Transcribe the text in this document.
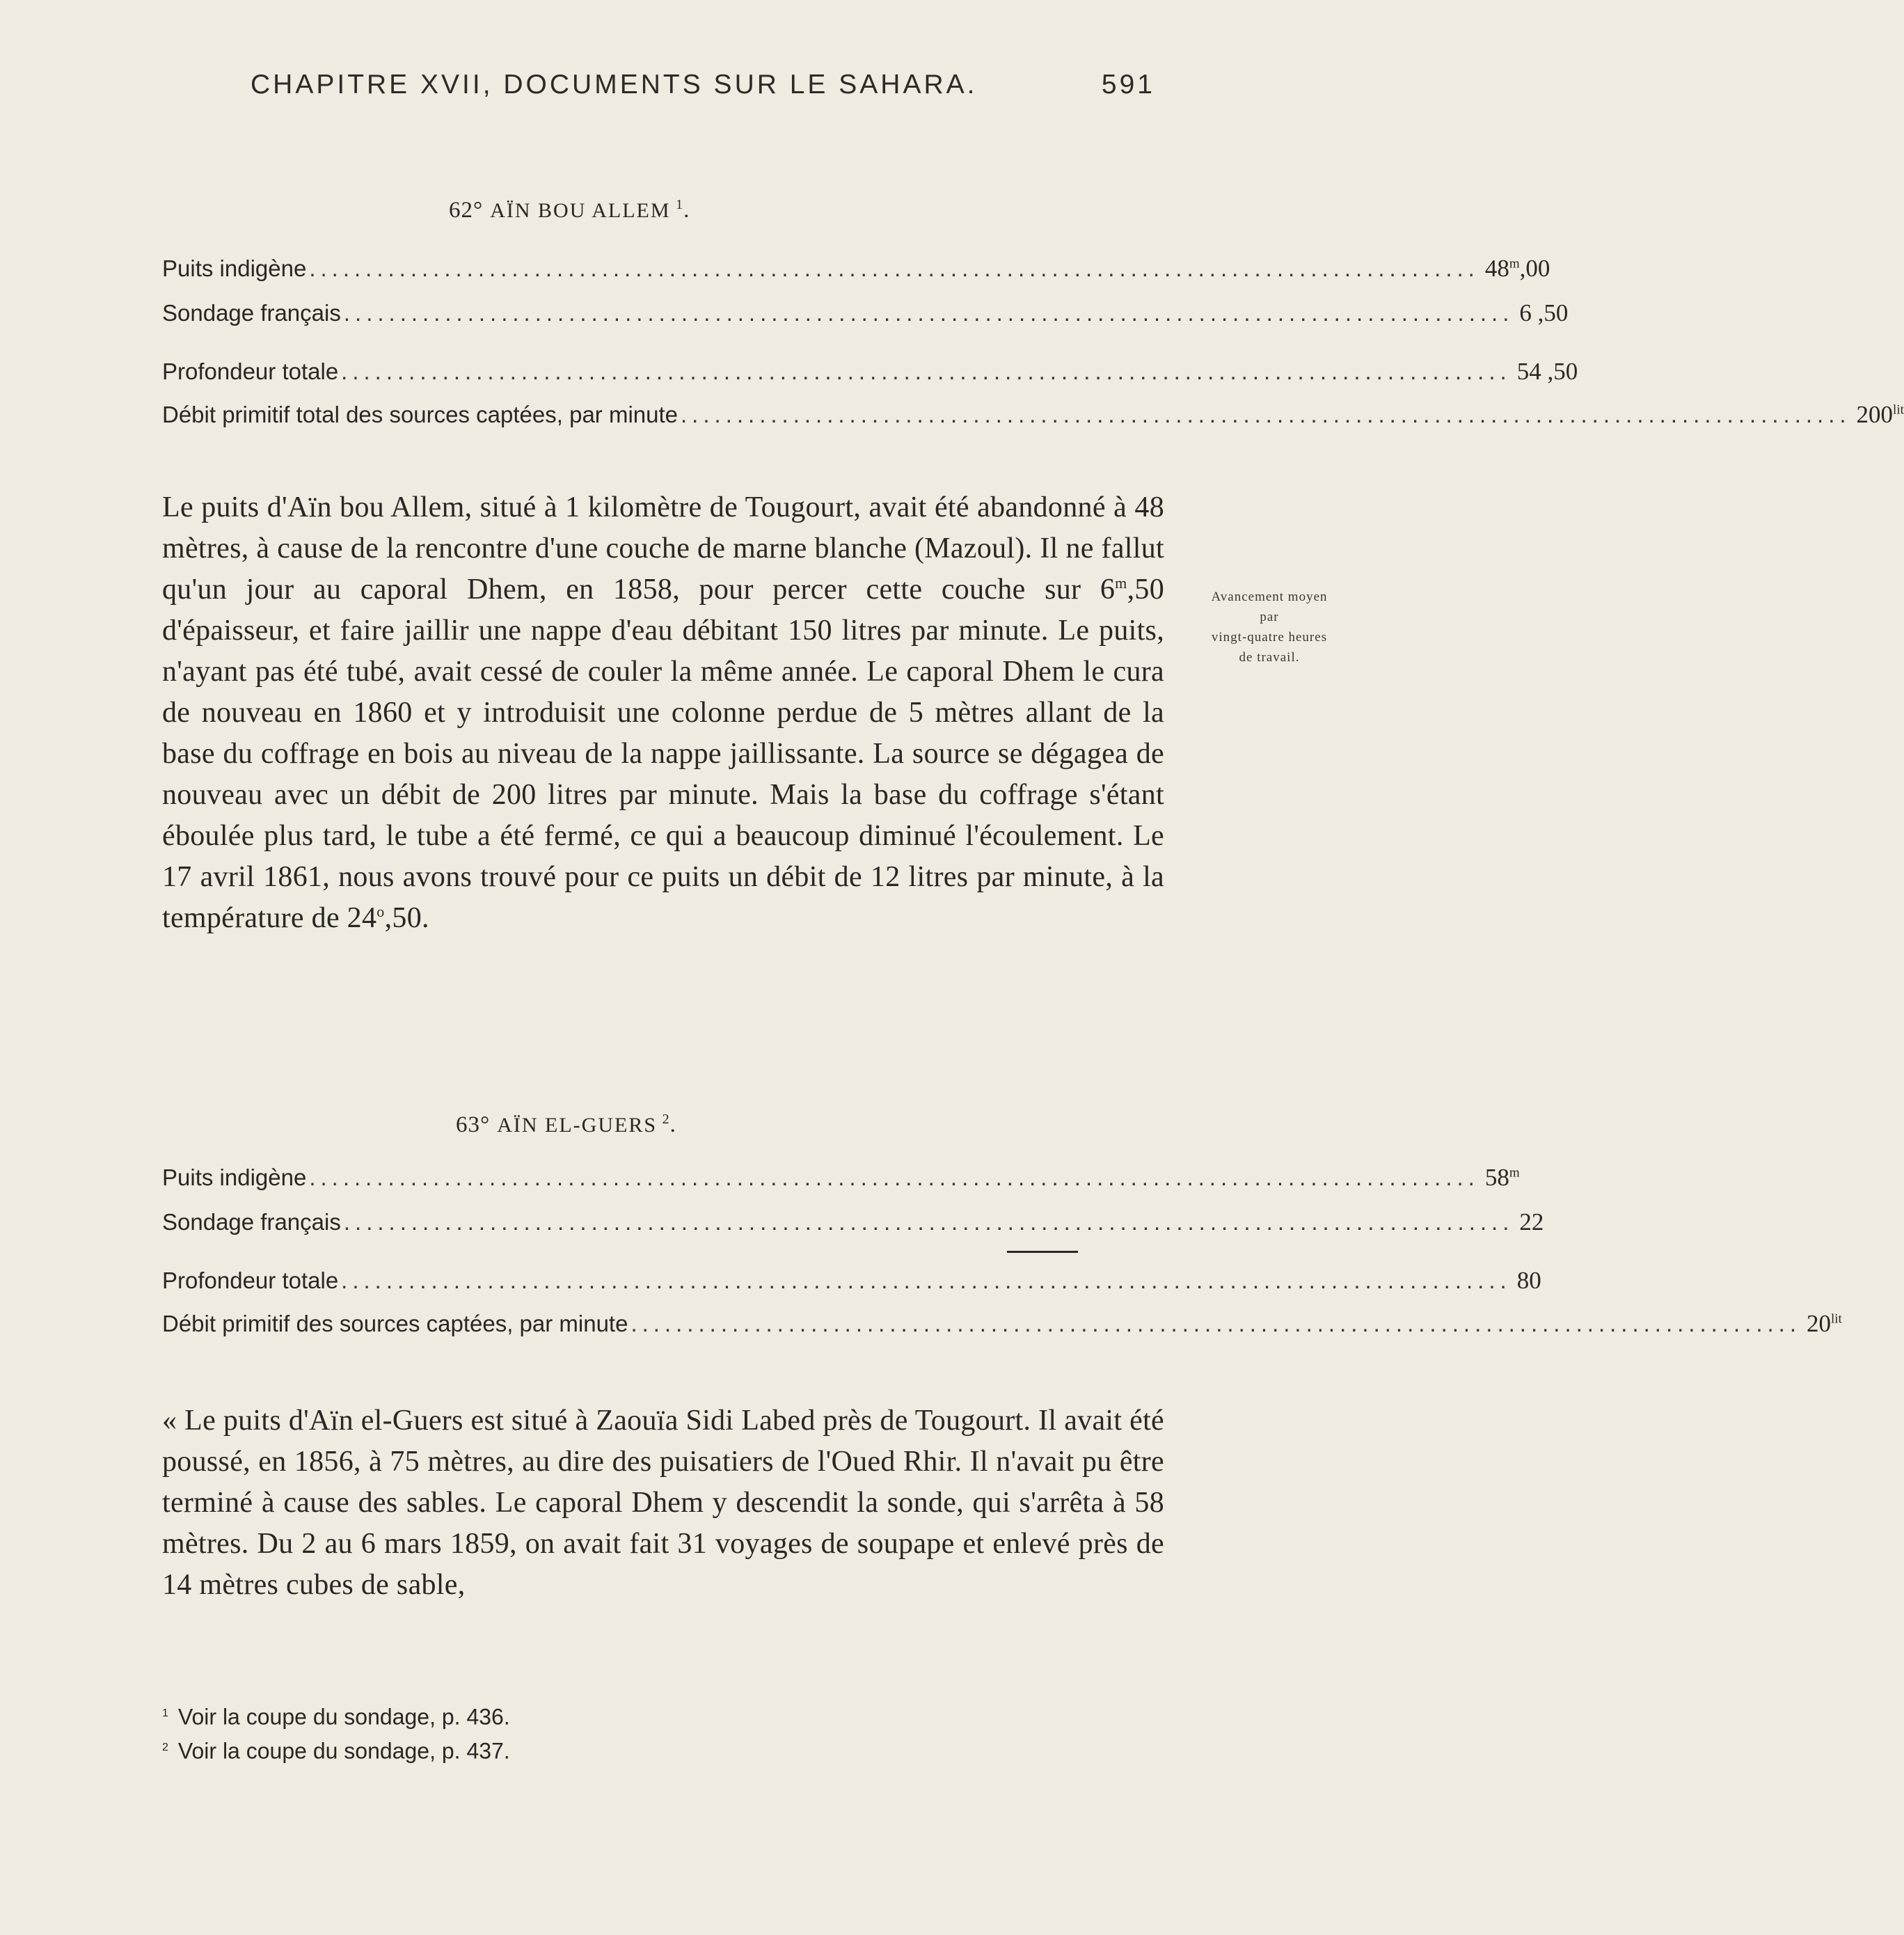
CHAPITRE XVII, DOCUMENTS SUR LE SAHARA.	591
62° AÏN BOU ALLEM  $^1$.
Puits indigène ........................................................................................................ 48$^m$,00
Sondage français ........................................................................................................ 6 ,50
Profondeur totale ........................................................................................................ 54 ,50
Débit primitif total des sources captées, par minute ........................................................................................................ $200^{lit}$
Le puits d'Aïn bou Allem, situé à 1 kilomètre de Tougourt, avait été abandonné à 48 mètres, à cause de la rencontre d'une couche de marne blanche (Mazoul). Il ne fallut qu'un jour au caporal Dhem, en 1858, pour percer cette couche sur 6$^m$,50 d'épaisseur, et faire jaillir une nappe d'eau débitant 150 litres par minute. Le puits, n'ayant pas été tubé, avait cessé de couler la même année. Le caporal Dhem le cura de nouveau en 1860 et y introduisit une colonne perdue de 5 mètres allant de la base du coffrage en bois au niveau de la nappe jaillissante. La source se dégagea de nouveau avec un débit de 200 litres par minute. Mais la base du coffrage s'étant éboulée plus tard, le tube a été fermé, ce qui a beaucoup diminué l'écoulement. Le 17 avril 1861, nous avons trouvé pour ce puits un débit de 12 litres par minute, à la température de 24$^o$,50.
Avancement moyen
par
vingt-quatre heures
de travail.
63° AÏN EL-GUERS  $^2$.
Puits indigène ........................................................................................................ 58$^m$
Sondage français ........................................................................................................ 22
Profondeur totale ........................................................................................................ 80
Débit primitif des sources captées, par minute ........................................................................................................ $20^{lit}$
« Le puits d'Aïn el-Guers est situé à Zaouïa Sidi Labed près de Tougourt. Il avait été poussé, en 1856, à 75 mètres, au dire des puisatiers de l'Oued Rhir. Il n'avait pu être terminé à cause des sables. Le caporal Dhem y descendit la sonde, qui s'arrêta à 58 mètres. Du 2 au 6 mars 1859, on avait fait 31 voyages de soupape et enlevé près de 14 mètres cubes de sable,
$^1$ Voir la coupe du sondage, p. 436.
$^2$ Voir la coupe du sondage, p. 437.
